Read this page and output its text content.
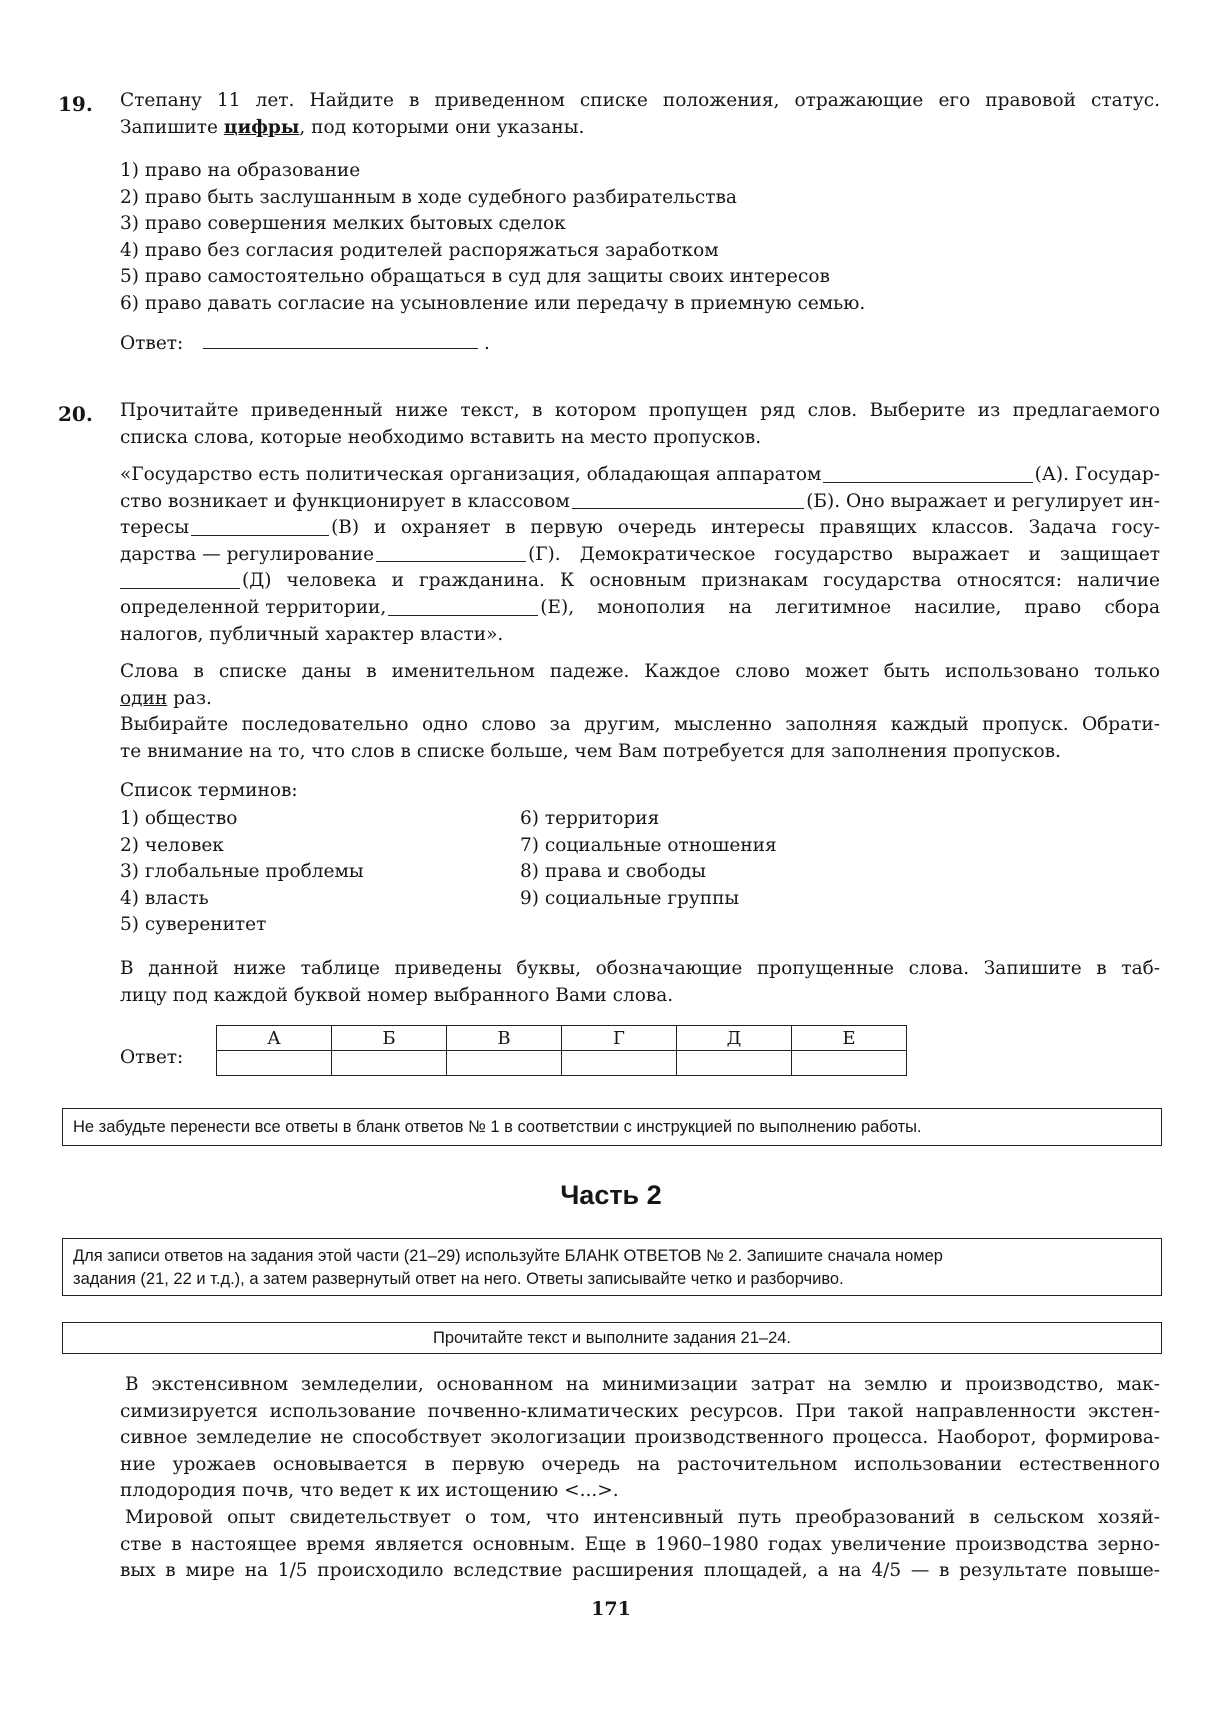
19. Степану 11 лет. Найдите в приведенном списке положения, отражающие его правовой статус.
Запишите цифры, под которыми они указаны.
1) право на образование
2) право быть заслушанным в ходе судебного разбирательства
3) право совершения мелких бытовых сделок
4) право без согласия родителей распоряжаться заработком
5) право самостоятельно обращаться в суд для защиты своих интересов
6) право давать согласие на усыновление или передачу в приемную семью.
Ответ:	.
20. Прочитайте приведенный ниже текст, в котором пропущен ряд слов. Выберите из предлагаемого
списка слова, которые необходимо вставить на место пропусков.
«Государство есть политическая организация, обладающая аппаратом	(А). Государ-
ство возникает и функционирует в классовом	(Б). Оно выражает и регулирует ин-
тересы	(В) и охраняет в первую очередь интересы правящих классов. Задача госу-
дарства — регулирование	(Г). Демократическое государство выражает и защищает
(Д) человека и гражданина. К основным признакам государства относятся: наличие
определенной территории,	(Е), монополия на легитимное насилие, право сбора
налогов, публичный характер власти».
Слова в списке даны в именительном падеже. Каждое слово может быть использовано только
один раз.
Выбирайте последовательно одно слово за другим, мысленно заполняя каждый пропуск. Обрати-
те внимание на то, что слов в списке больше, чем Вам потребуется для заполнения пропусков.
Список терминов:
1) общество
2) человек
3) глобальные проблемы
4) власть
5) суверенитет
6) территория
7) социальные отношения
8) права и свободы
9) социальные группы
В данной ниже таблице приведены буквы, обозначающие пропущенные слова. Запишите в таб-
лицу под каждой буквой номер выбранного Вами слова.
Ответ:
А	Б	В	Г	Д	Е

Не забудьте перенести все ответы в бланк ответов № 1 в соответствии с инструкцией по выполнению работы.
Часть 2
Для записи ответов на задания этой части (21–29) используйте БЛАНК ОТВЕТОВ № 2. Запишите сначала номер
задания (21, 22 и т.д.), а затем развернутый ответ на него. Ответы записывайте четко и разборчиво.
Прочитайте текст и выполните задания 21–24.
В экстенсивном земледелии, основанном на минимизации затрат на землю и производство, мак-
симизируется использование почвенно-климатических ресурсов. При такой направленности экстен-
сивное земледелие не способствует экологизации производственного процесса. Наоборот, формирова-
ние урожаев основывается в первую очередь на расточительном использовании естественного
плодородия почв, что ведет к их истощению <...>.
Мировой опыт свидетельствует о том, что интенсивный путь преобразований в сельском хозяй-
стве в настоящее время является основным. Еще в 1960–1980 годах увеличение производства зерно-
вых в мире на 1/5 происходило вследствие расширения площадей, а на 4/5 — в результате повыше-
171
